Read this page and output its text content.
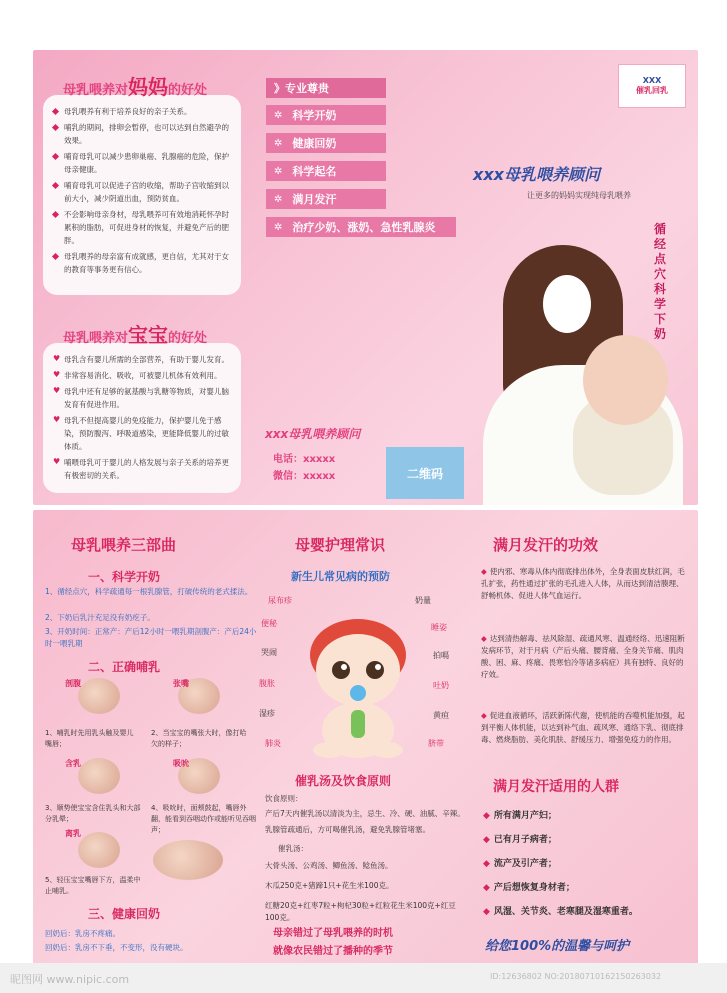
母乳喂养对妈妈的好处
母乳喂养有利于培养良好的亲子关系。
哺乳的期间，排卵会暂停，也可以达到自然避孕的效果。
哺育母乳可以减少患卵巢癌、乳腺癌的危险，保护母亲健康。
哺育母乳可以促进子宫的收缩，帮助子宫收缩到以前大小，减少阴道出血，预防贫血。
不会影响母亲身材，母乳喂养可有效地消耗怀孕时累积的脂肪，可促进身材的恢复，并避免产后的肥胖。
母乳喂养的母亲富有成就感，更自信，尤其对于女的教育等事务更有信心。
母乳喂养对宝宝的好处
♥ 母乳含有婴儿所需的全部营养，有助于婴儿发育。
♥ 非常容易消化、吸收，可被婴儿机体有效利用。
♥ 母乳中还有足够的氨基酸与乳糖等物质，对婴儿脑发育有促进作用。
♥ 母乳不但提高婴儿的免疫能力，保护婴儿免于感染，预防腹泻、呼吸道感染，更能降低婴儿的过敏体质。
♥ 哺喂母乳可于婴儿的人格发展与亲子关系的培养更有极密切的关系。
》专业尊贵
✲ 科学开奶
✲ 健康回奶
✲ 科学起名
✲ 满月发汗
✲ 治疗少奶、涨奶、急性乳腺炎
XXX
催乳回乳
xxx母乳喂养顾问
让更多的妈妈实现纯母乳喂养
循经点穴科学下奶
xxx母乳喂养顾问
电话：xxxxx
微信：xxxxx	二维码
母乳喂养三部曲
一、科学开奶
1、循经点穴，科学疏通每一根乳腺管，打破传统的老式揉法。
2、下奶后乳汁充足没有奶疙子。
3、开奶时间：正常产：产后12小时一喂乳期剖腹产：产后24小时一喂乳期
二、正确哺乳
剖腹	张嘴
1、哺乳时先用乳头触及婴儿嘴唇；
2、当宝宝的嘴张大时，像打哈欠的样子；
含乳	吸吮
3、顺势使宝宝含住乳头和大部分乳晕；
4、吸吮时，面颊鼓起，嘴唇外翻，能看到吞咽动作或能听见吞咽声；
离乳
5、轻压宝宝嘴唇下方，温柔中止哺乳。
三、健康回奶
回奶后：乳房不疼痛。
回奶后：乳房不下垂，不变形，没有硬块。
母婴护理常识
新生儿常见病的预防
尿布疹	奶量
便秘	睡姿
哭闹	拍嗝
腹胀	吐奶
湿疹	黄疸
肺炎	脐带
催乳汤及饮食原则
饮食原则：
产后7天内催乳汤以清淡为主，忌生、冷、硬、油腻、辛辣。
乳腺管疏通后，方可喝催乳汤，避免乳腺管堵塞。
催乳汤：
大骨头汤、公鸡汤、鲫鱼汤、鲶鱼汤。
木瓜250克+猪蹄1只+花生米100克。
红糖20克+红枣7粒+枸杞30粒+红粒花生米100克+红豆100克。
母亲错过了母乳喂养的时机
就像农民错过了播种的季节
满月发汗的功效
◆ 使内邪、寒毒从体内彻底排出体外，全身表面皮肤红润，毛孔扩张，药性通过扩张的毛孔进入人体，从而达到清洁腠理、舒畅机体、促进人体气血运行。
◆ 达到清热解毒、祛风除湿、疏通风寒、温通经络、迅速阻断发病环节，对于月病（产后头痛、腰背痛、全身关节痛、肌肉酸、困、麻、疼痛、畏寒怕冷等诸多病症）具有独特、良好的疗效。
◆ 促进血液循环，活跃新陈代谢，使机能的吞噬机能加强，起到平衡人体机能，以达到补气血、疏风寒、通络下乳、彻底排毒、燃烧脂肪、美化肌肤、舒缓压力、增强免疫力的作用。
满月发汗适用的人群
◆ 所有满月产妇；
◆ 已有月子病者；
◆ 流产及引产者；
◆ 产后想恢复身材者；
◆ 风湿、关节炎、老寒腿及湿寒重者。
给您100%的温馨与呵护
昵图网 www.nipic.com	ID:12636802 NO:20180710162150263032
